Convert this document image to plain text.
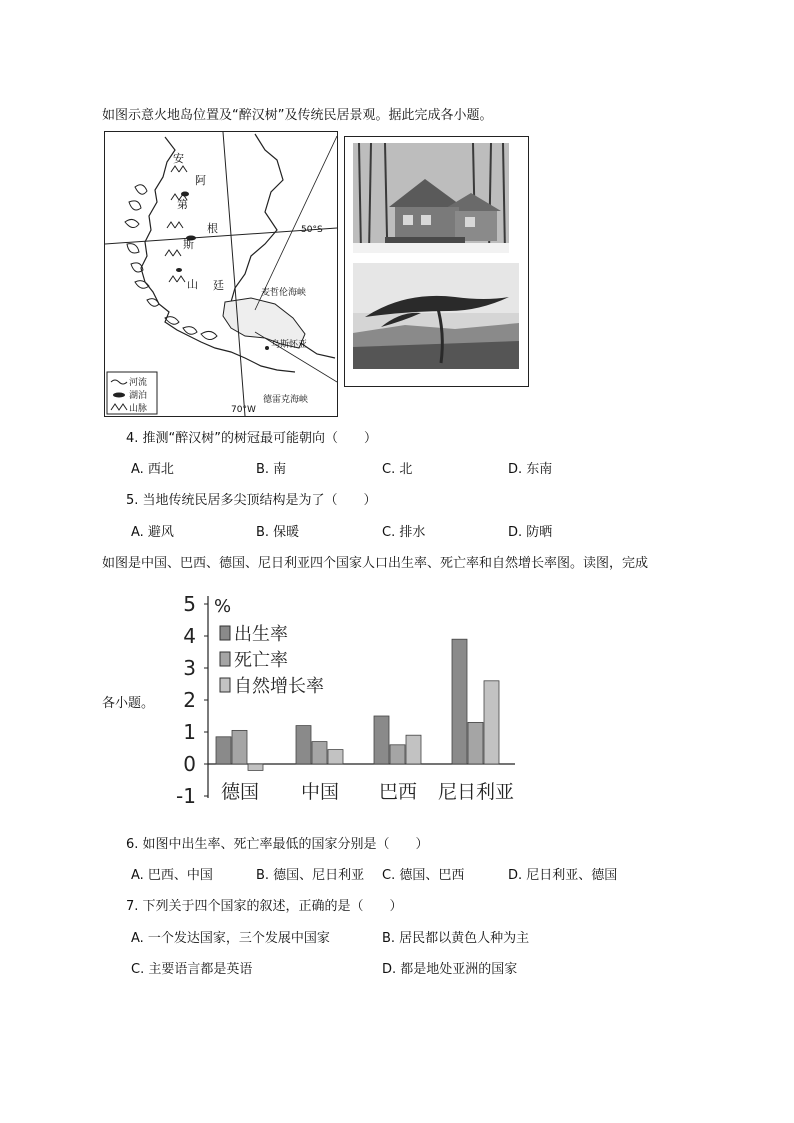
如图示意火地岛位置及“醉汉树”及传统民居景观。据此完成各小题。
安
阿
第
根
斯
山 廷
50°S
麦哲伦海峡
乌斯怀亚
德雷克海峡
70°W
河流
湖泊
山脉
4. 推测“醉汉树”的树冠最可能朝向（　　）
A. 西北	B. 南	C. 北	D. 东南
5. 当地传统民居多尖顶结构是为了（　　）
A. 避风	B. 保暖	C. 排水	D. 防晒
如图是中国、巴西、德国、尼日利亚四个国家人口出生率、死亡率和自然增长率图。读图，完成
各小题。
5
4
3
2
1
0
-1
%
出生率
死亡率
自然增长率
德国 中国 巴西 尼日利亚
6. 如图中出生率、死亡率最低的国家分别是（　　）
A. 巴西、中国	B. 德国、尼日利亚 C. 德国、巴西	D. 尼日利亚、德国
7. 下列关于四个国家的叙述，正确的是（　　）
A. 一个发达国家，三个发展中国家	B. 居民都以黄色人种为主
C. 主要语言都是英语	D. 都是地处亚洲的国家
